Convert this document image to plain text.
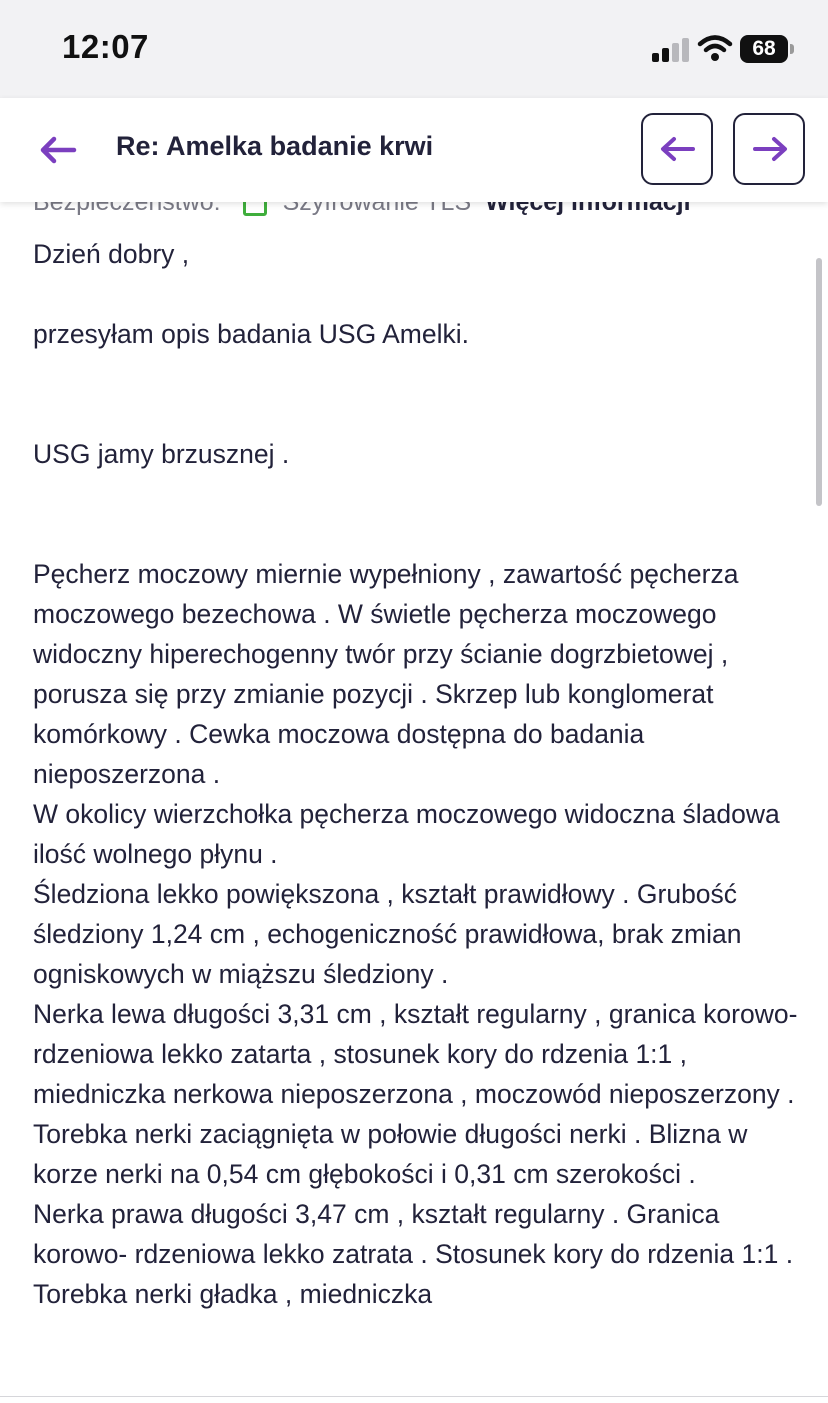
12:07	68
Re: Amelka badanie krwi

Dzień dobry ,

przesyłam opis badania USG Amelki.

USG jamy brzusznej .

Pęcherz moczowy miernie wypełniony , zawartość pęcherza moczowego bezechowa . W świetle pęcherza moczowego widoczny hiperechogenny twór przy ścianie dogrzbietowej , porusza się przy zmianie pozycji . Skrzep lub konglomerat komórkowy . Cewka moczowa dostępna do badania nieposzerzona .

W okolicy wierzchołka pęcherza moczowego widoczna śladowa ilość wolnego płynu .

Śledziona lekko powiększona , kształt prawidłowy . Grubość śledziony 1,24 cm , echogeniczność prawidłowa, brak zmian ogniskowych w miąższu śledziony .

Nerka lewa długości 3,31 cm , kształt regularny , granica korowo- rdzeniowa lekko zatarta , stosunek kory do rdzenia 1:1 , miedniczka nerkowa nieposzerzona , moczowód nieposzerzony . Torebka nerki zaciągnięta w połowie długości nerki . Blizna w korze nerki na 0,54 cm głębokości i 0,31 cm szerokości .

Nerka prawa długości 3,47 cm , kształt regularny . Granica korowo- rdzeniowa lekko zatrata . Stosunek kory do rdzenia 1:1 . Torebka nerki gładka , miedniczka
